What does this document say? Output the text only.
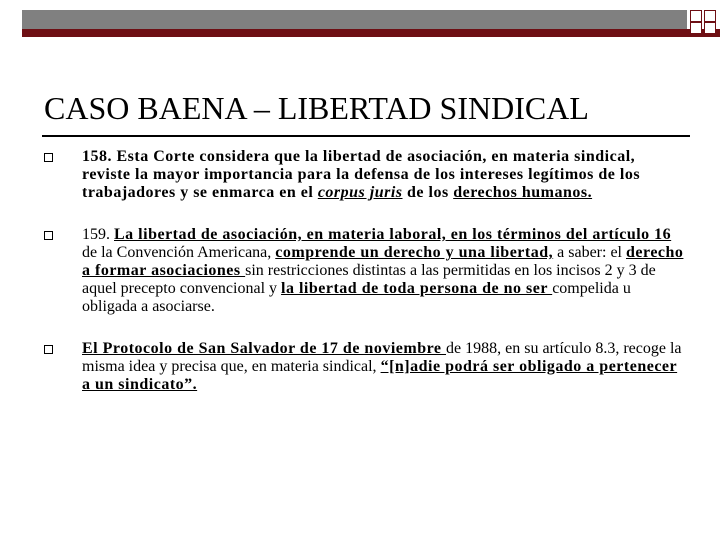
CASO BAENA – LIBERTAD SINDICAL

158. Esta Corte considera que la libertad de asociación, en materia sindical, reviste la mayor importancia para la defensa de los intereses legítimos de los trabajadores y se enmarca en el corpus juris de los derechos humanos.

159. La libertad de asociación, en materia laboral, en los términos del artículo 16 de la Convención Americana, comprende un derecho y una libertad, a saber: el derecho a formar asociaciones sin restricciones distintas a las permitidas en los incisos 2 y 3 de aquel precepto convencional y la libertad de toda persona de no ser compelida u obligada a asociarse.

El Protocolo de San Salvador de 17 de noviembre de 1988, en su artículo 8.3, recoge la misma idea y precisa que, en materia sindical, “[n]adie podrá ser obligado a pertenecer a un sindicato”.
